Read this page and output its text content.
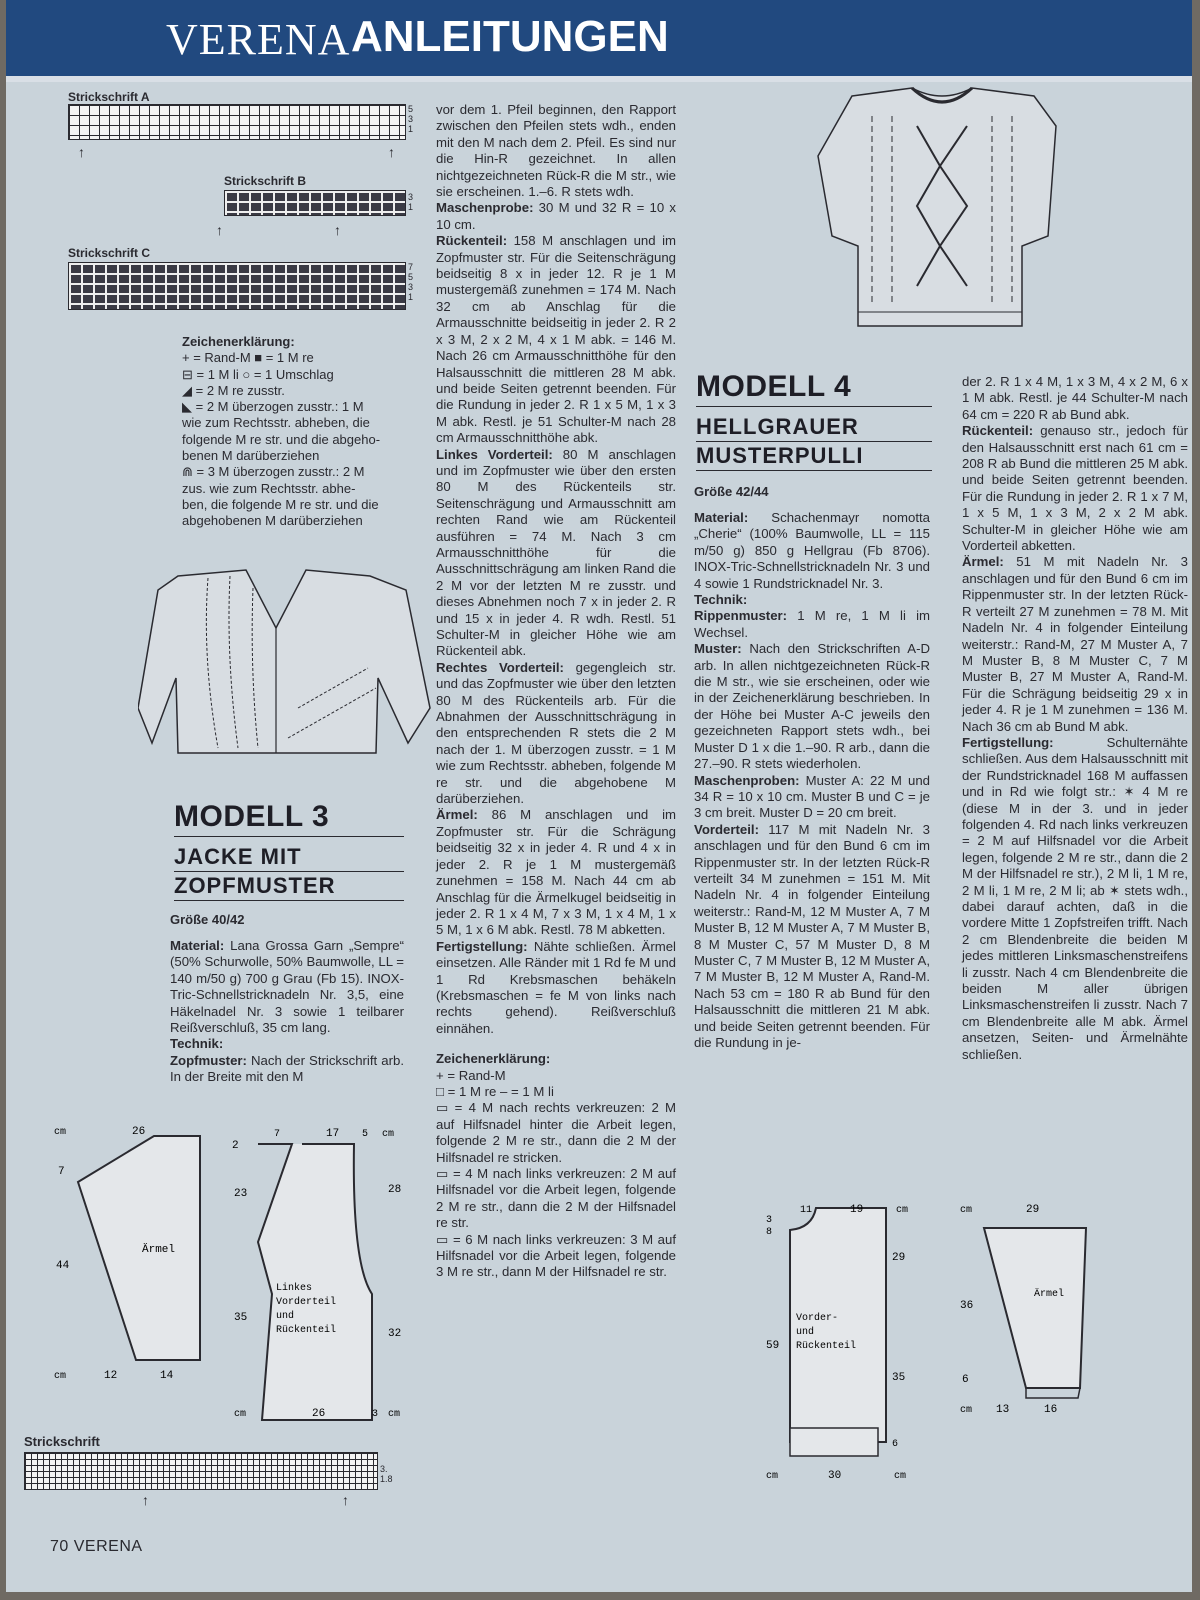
VERENA ANLEITUNGEN
Strickschrift A
5
3
1
↑	↑
Strickschrift B
3
1
↑	↑
Strickschrift C
7
5
3
1
Zeichenerklärung:
+ = Rand-M ■ = 1 M re
⊟ = 1 M li ○ = 1 Umschlag
◢ = 2 M re zusstr.
◣ = 2 M überzogen zusstr.: 1 M
wie zum Rechtsstr. abheben, die
folgende M re str. und die abgeho-
benen M darüberziehen
⋒ = 3 M überzogen zusstr.: 2 M
zus. wie zum Rechtsstr. abhe-
ben, die folgende M re str. und die
abgehobenen M darüberziehen
MODELL 3
JACKE MIT
ZOPFMUSTER
Größe 40/42

Material: Lana Grossa Garn „Sempre“ (50% Schurwolle, 50% Baumwolle, LL = 140 m/50 g) 700 g Grau (Fb 15). INOX-Tric-Schnellstricknadeln Nr. 3,5, eine Häkelnadel Nr. 3 sowie 1 teilbarer Reißverschluß, 35 cm lang.

Technik:

Zopfmuster: Nach der Strickschrift arb. In der Breite mit den M

vor dem 1. Pfeil beginnen, den Rapport zwischen den Pfeilen stets wdh., enden mit den M nach dem 2. Pfeil. Es sind nur die Hin-R gezeichnet. In allen nichtgezeichneten Rück-R die M str., wie sie erscheinen. 1.–6. R stets wdh.

Maschenprobe: 30 M und 32 R = 10 x 10 cm.

Rückenteil: 158 M anschlagen und im Zopfmuster str. Für die Seitenschrägung beidseitig 8 x in jeder 12. R je 1 M mustergemäß zunehmen = 174 M. Nach 32 cm ab Anschlag für die Armausschnitte beidseitig in jeder 2. R 2 x 3 M, 2 x 2 M, 4 x 1 M abk. = 146 M. Nach 26 cm Armausschnitthöhe für den Halsausschnitt die mittleren 28 M abk. und beide Seiten getrennt beenden. Für die Rundung in jeder 2. R 1 x 5 M, 1 x 3 M abk. Restl. je 51 Schulter-M nach 28 cm Armausschnitthöhe abk.

Linkes Vorderteil: 80 M anschlagen und im Zopfmuster wie über den ersten 80 M des Rückenteils str. Seitenschrägung und Armausschnitt am rechten Rand wie am Rückenteil ausführen = 74 M. Nach 3 cm Armausschnitthöhe für die Ausschnittschrägung am linken Rand die 2 M vor der letzten M re zusstr. und dieses Abnehmen noch 7 x in jeder 2. R und 15 x in jeder 4. R wdh. Restl. 51 Schulter-M in gleicher Höhe wie am Rückenteil abk.

Rechtes Vorderteil: gegengleich str. und das Zopfmuster wie über den letzten 80 M des Rückenteils arb. Für die Abnahmen der Ausschnittschrägung in den entsprechenden R stets die 2 M nach der 1. M überzogen zusstr. = 1 M wie zum Rechtsstr. abheben, folgende M re str. und die abgehobene M darüberziehen.

Ärmel: 86 M anschlagen und im Zopfmuster str. Für die Schrägung beidseitig 32 x in jeder 4. R und 4 x in jeder 2. R je 1 M mustergemäß zunehmen = 158 M. Nach 44 cm ab Anschlag für die Ärmelkugel beidseitig in jeder 2. R 1 x 4 M, 7 x 3 M, 1 x 4 M, 1 x 5 M, 1 x 6 M abk. Restl. 78 M abketten.

Fertigstellung: Nähte schließen. Ärmel einsetzen. Alle Ränder mit 1 Rd fe M und 1 Rd Krebsmaschen behäkeln (Krebsmaschen = fe M von links nach rechts gehend). Reißverschluß einnähen.

Zeichenerklärung:

+ = Rand-M

□ = 1 M re – = 1 M li

▭ = 4 M nach rechts verkreuzen: 2 M auf Hilfsnadel hinter die Arbeit legen, folgende 2 M re str., dann die 2 M der Hilfsnadel re stricken.

▭ = 4 M nach links verkreuzen: 2 M auf Hilfsnadel vor die Arbeit legen, folgende 2 M re str., dann die 2 M der Hilfsnadel re str.

▭ = 6 M nach links verkreuzen: 3 M auf Hilfsnadel vor die Arbeit legen, folgende 3 M re str., dann M der Hilfsnadel re str.

MODELL 4
HELLGRAUER
MUSTERPULLI
Größe 42/44

Material: Schachenmayr nomotta „Cherie“ (100% Baumwolle, LL = 115 m/50 g) 850 g Hellgrau (Fb 8706). INOX-Tric-Schnellstricknadeln Nr. 3 und 4 sowie 1 Rundstricknadel Nr. 3.

Technik:

Rippenmuster: 1 M re, 1 M li im Wechsel.

Muster: Nach den Strickschriften A-D arb. In allen nichtgezeichneten Rück-R die M str., wie sie erscheinen, oder wie in der Zeichenerklärung beschrieben. In der Höhe bei Muster A-C jeweils den gezeichneten Rapport stets wdh., bei Muster D 1 x die 1.–90. R arb., dann die 27.–90. R stets wiederholen.

Maschenproben: Muster A: 22 M und 34 R = 10 x 10 cm. Muster B und C = je 3 cm breit. Muster D = 20 cm breit.

Vorderteil: 117 M mit Nadeln Nr. 3 anschlagen und für den Bund 6 cm im Rippenmuster str. In der letzten Rück-R verteilt 34 M zunehmen = 151 M. Mit Nadeln Nr. 4 in folgender Einteilung weiterstr.: Rand-M, 12 M Muster A, 7 M Muster B, 12 M Muster A, 7 M Muster B, 8 M Muster C, 57 M Muster D, 8 M Muster C, 7 M Muster B, 12 M Muster A, 7 M Muster B, 12 M Muster A, Rand-M. Nach 53 cm = 180 R ab Bund für den Halsausschnitt die mittleren 21 M abk. und beide Seiten getrennt beenden. Für die Rundung in je-

der 2. R 1 x 4 M, 1 x 3 M, 4 x 2 M, 6 x 1 M abk. Restl. je 44 Schulter-M nach 64 cm = 220 R ab Bund abk.

Rückenteil: genauso str., jedoch für den Halsausschnitt erst nach 61 cm = 208 R ab Bund die mittleren 25 M abk. und beide Seiten getrennt beenden. Für die Rundung in jeder 2. R 1 x 7 M, 1 x 5 M, 1 x 3 M, 2 x 2 M abk. Schulter-M in gleicher Höhe wie am Vorderteil abketten.

Ärmel: 51 M mit Nadeln Nr. 3 anschlagen und für den Bund 6 cm im Rippenmuster str. In der letzten Rück-R verteilt 27 M zunehmen = 78 M. Mit Nadeln Nr. 4 in folgender Einteilung weiterstr.: Rand-M, 27 M Muster A, 7 M Muster B, 8 M Muster C, 7 M Muster B, 27 M Muster A, Rand-M. Für die Schrägung beidseitig 29 x in jeder 4. R je 1 M zunehmen = 136 M. Nach 36 cm ab Bund M abk.

Fertigstellung: Schulternähte schließen. Aus dem Halsausschnitt mit der Rundstricknadel 168 M auffassen und in Rd wie folgt str.: ✶ 4 M re (diese M in der 3. und in jeder folgenden 4. Rd nach links verkreuzen = 2 M auf Hilfsnadel vor die Arbeit legen, folgende 2 M re str., dann die 2 M der Hilfsnadel re str.), 2 M li, 1 M re, 2 M li, 1 M re, 2 M li; ab ✶ stets wdh., dabei darauf achten, daß in die vordere Mitte 1 Zopfstreifen trifft. Nach 2 cm Blendenbreite die beiden M jedes mittleren Linksmaschenstreifens li zusstr. Nach 4 cm Blendenbreite die beiden M aller übrigen Linksmaschenstreifen li zusstr. Nach 7 cm Blendenbreite alle M abk. Ärmel ansetzen, Seiten- und Ärmelnähte schließen.

cm	26
7
44
Ärmel
cm	12	14
7	17 5 cm
2
23	28
35
32
Linkes
Vorderteil
und
Rückenteil
cm	26	3 cm
11	19	cm
3
8
29
59
35
6
Vorder-
und
Rückenteil
cm	30	cm
cm	29
36
6
Ärmel
cm 13	16
Strickschrift
3.
1.8
↑	↑
70 VERENA
